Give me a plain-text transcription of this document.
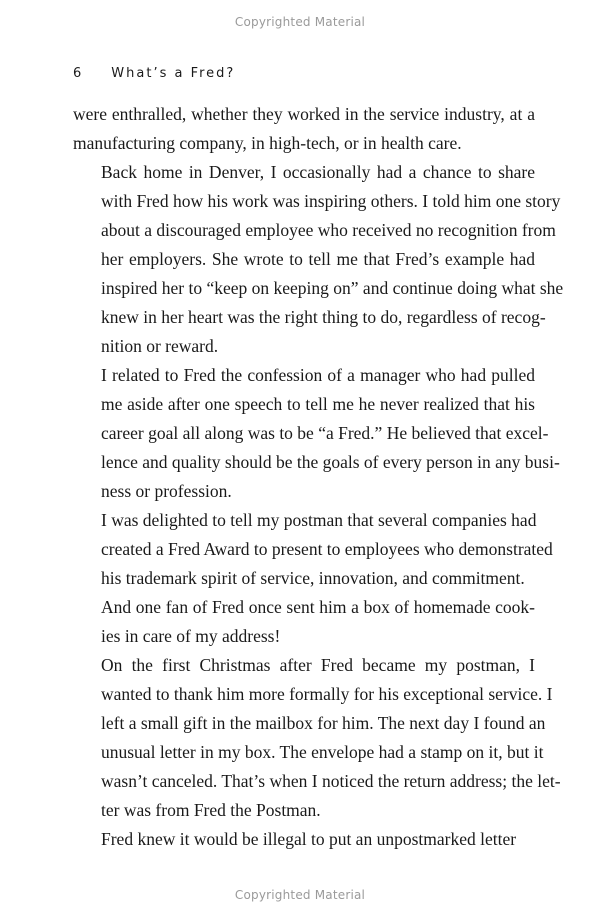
Copyrighted Material
6 What’s a Fred?

were enthralled, whether they worked in the service industry, at a
manufacturing company, in high-tech, or in health care.

Back home in Denver, I occasionally had a chance to share
with Fred how his work was inspiring others. I told him one story
about a discouraged employee who received no recognition from
her employers. She wrote to tell me that Fred’s example had
inspired her to “keep on keeping on” and continue doing what she
knew in her heart was the right thing to do, regardless of recog-
nition or reward.

I related to Fred the confession of a manager who had pulled
me aside after one speech to tell me he never realized that his
career goal all along was to be “a Fred.” He believed that excel-
lence and quality should be the goals of every person in any busi-
ness or profession.

I was delighted to tell my postman that several companies had
created a Fred Award to present to employees who demonstrated
his trademark spirit of service, innovation, and commitment.

And one fan of Fred once sent him a box of homemade cook-
ies in care of my address!

On the first Christmas after Fred became my postman, I
wanted to thank him more formally for his exceptional service. I
left a small gift in the mailbox for him. The next day I found an
unusual letter in my box. The envelope had a stamp on it, but it
wasn’t canceled. That’s when I noticed the return address; the let-
ter was from Fred the Postman.

Fred knew it would be illegal to put an unpostmarked letter

Copyrighted Material
